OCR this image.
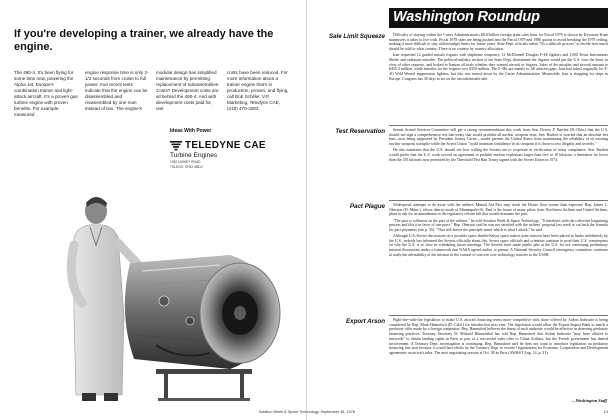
If you're developing a trainer, we already have the engine.
The 490-4. It's been flying for some time now, powering the Alpha Jet, Europe's combination trainer and light-attack aircraft. It's a proven gas turbine engine with proven benefits. For example, measured
engine response time is only 2-1/2 seconds from cruise to full power. And recent tests indicate that the engine can be disassembled and reassembled by one man instead of two. The engine's
modular design has simplified maintenance by permitting replacement of subassemblies. Costs? Development costs are all behind the 490-4. And with development costs paid for, unit
costs have been reduced. For more information about a trainer engine that's in production, proven, and flying, call Bob Schiller, V.P. Marketing, Teledyne CAE, (419) 470-3283.
Ideas With Power
TELEDYNE CAE
Turbine Engines
1330 LASKEY ROAD
TOLEDO, OHIO 43612
Washington Roundup
Sale Limit Squeeze	Difficulty of staying within the Carter Administration's $8.6-billion foreign arms sales limit for Fiscal 1978 is shown by Keystone Kops maneuvers it takes to live with. Fiscal 1978 sales are being pushed into the Fiscal 1979 and 1980 quotas to avoid breaking the 1978 ceiling, making it more difficult to stay within budget limits for future years. State Dept. officials admit "It's a difficult process" to decide how much should be sold to what country. There is no country by country allocation.

Iran requested 12 guided missile frigates with shipborne weaponry, 31 McDonnell Douglas F-4E fighters and 1,000 Texas Instruments Shrike anti-radiation missiles. The political-military section of the State Dept. determined the frigates would put the U.S. over the limit, in view of other requests, and looked to Iranian officials whether they wanted aircraft or frigates. Sales of the missiles and aircraft amount to $455.4 million, while missiles for the frigates cost $350 million. The F-4Es are mainly to fill attrition gaps. Iran had asked originally for F-4G Wild Weasel suppression fighters, but this was turned down by the Carter Administration. Meanwhile, Iran is shopping for ships in Europe. Congress has 30 days to act on the aircraft/missile sale.

Test Reservation	Senate Armed Services Committee will get a strong recommendation this week from Sen. Dewey F. Bartlett (R.-Okla.) that the U.S. should not sign a comprehensive test ban treaty that would prohibit all nuclear weapons tests. Sen. Bartlett is worried that an absolute test ban—now being supported by President Jimmy Carter—would prevent the United States from maintaining the reliability of its existing nuclear weapons stockpile while the Soviet Union "could maintain confidence in its weapons if it chose to test illegally and secretly."

He also maintains that the U.S. should see how willing the Soviets are to cooperate in verification of treaty compliance. Sen. Bartlett would prefer that the U.S. work toward an agreement to prohibit nuclear explosions larger than five or 10 kilotons, a limitation far lower than the 150 kilotons now permitted by the Threshold Test Ban Treaty signed with the Soviet Union in 1974.

Pact Plague	Widespread attempts to do away with the airlines' Mutual Aid Pact may reach the House floor sooner than expected. Rep. James L. Oberstar (D.-Minn.), whose district north of Minneapolis-St. Paul is the home of many pilots from Northwest Airlines and United Airlines, plans to ask for an amendment to the regulatory reform bill that would terminate the pact.

"The pact is collusion on the part of the airlines," he told Aviation Week & Space Technology. "It interferes with the collective bargaining process and tilts it in favor of one party." Rep. Oberstar said he was not satisfied with the airlines' proposal last week to cut back the formula for pact payments (see p. 35). "That still leaves the principle intact which is what I attack," he said.

Although U.S./Soviet discussions on a possible space shuttle/Salyut space station joint mission have been placed in limbo indefinitely by the U.S., nobody has informed the Soviets officially about this. Soviet space officials and scientists continue to prod their U.S. counterparts on why the U.S. is so slow in scheduling future meetings. The Soviets have made public jabs at the U.S. for not continuing preliminary mission discussions under a framework that NASA agreed earlier to pursue. A National Security Council interagency committee continues to study the advisability of the mission in the context of concern over technology transfer to the USSR.

Export Arson	Fight-fire-with-fire legislation to make U.S. aircraft financing terms more competitive with those offered by Airbus Industrie is being considered by Rep. Mark Hannaford (D.-Calif.) for introduction next year. The legislation would allow the Export-Import Bank to match a predatory offer made by a foreign competitor. Rep. Hannaford believes the threat of such authority would be effective in deterring predatory financing practices. Treasury Secretary W. Michael Blumenthal has told Rep. Hannaford that Airbus Industrie "may have offered to intercede" to obtain landing rights in Paris as part of a successful sales offer to China Airlines, but the French government has denied involvement. A Treasury Dept. investigation is continuing. Rep. Hannaford said he does not want to introduce legislation on predatory financing this year because it would hurt efforts by the Treasury Dept. to rewrite Organization for Economic Cooperation and Development agreements on aircraft sales. The next negotiating session is Oct. 30 in Paris (AW&ST Aug. 14, p. 21).

—Washington Staff
Aviation Week & Space Technology, September 18, 1978	13
